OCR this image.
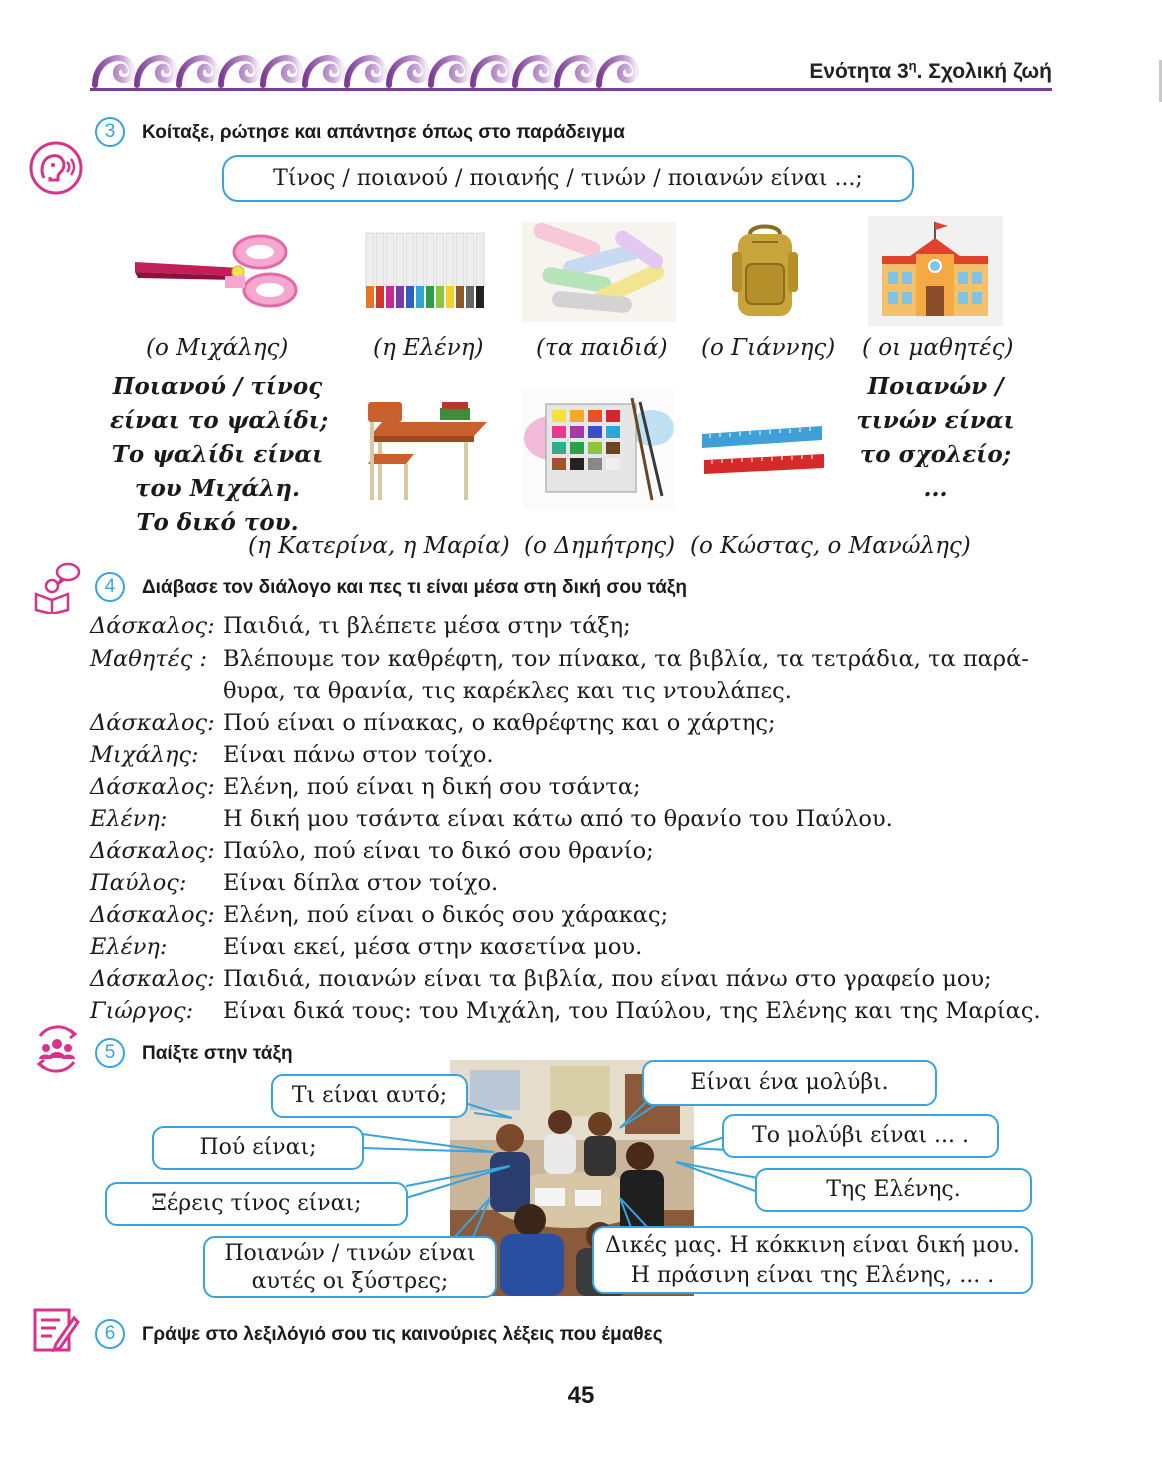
Ενότητα $3^\eta$. Σχολική ζωή
3	Κοίταξε, ρώτησε και απάντησε όπως στο παράδειγμα
Τίνος / ποιανού / ποιανής / τινών / ποιανών είναι ...;
(ο Μιχάλης)	(η Ελένη) (τα παιδιά) (ο Γιάννης) ( οι μαθητές)
Ποιανού / τίνος
είναι το ψαλίδι;
Το ψαλίδι είναι
του Μιχάλη.
Το δικό του.
Ποιανών /
τινών είναι
το σχολείο;
...
(η Κατερίνα, η Μαρία) (ο Δημήτρης) (ο Κώστας, ο Μανώλης)
4	Διάβασε τον διάλογο και πες τι είναι μέσα στη δική σου τάξη
Δάσκαλος: Παιδιά, τι βλέπετε μέσα στην τάξη;
Μαθητές : Βλέπουμε τον καθρέφτη, τον πίνακα, τα βιβλία, τα τετράδια, τα παρά-
θυρα, τα θρανία, τις καρέκλες και τις ντουλάπες.
Δάσκαλος: Πού είναι ο πίνακας, ο καθρέφτης και ο χάρτης;
Μιχάλης: Είναι πάνω στον τοίχο.
Δάσκαλος: Ελένη, πού είναι η δική σου τσάντα;
Ελένη: Η δική μου τσάντα είναι κάτω από το θρανίο του Παύλου.
Δάσκαλος: Παύλο, πού είναι το δικό σου θρανίο;
Παύλος: Είναι δίπλα στον τοίχο.
Δάσκαλος: Ελένη, πού είναι ο δικός σου χάρακας;
Ελένη: Είναι εκεί, μέσα στην κασετίνα μου.
Δάσκαλος: Παιδιά, ποιανών είναι τα βιβλία, που είναι πάνω στο γραφείο μου;
Γιώργος: Είναι δικά τους: του Μιχάλη, του Παύλου, της Ελένης και της Μαρίας.
5	Παίξτε στην τάξη
Τι είναι αυτό;
Πού είναι;
Ξέρεις τίνος είναι;
Ποιανών / τινών είναι
αυτές οι ξύστρες;
Είναι ένα μολύβι.
Το μολύβι είναι ... .
Της Ελένης.
Δικές μας. Η κόκκινη είναι δική μου.
Η πράσινη είναι της Ελένης, ... .
6	Γράψε στο λεξιλόγιό σου τις καινούριες λέξεις που έμαθες
45
